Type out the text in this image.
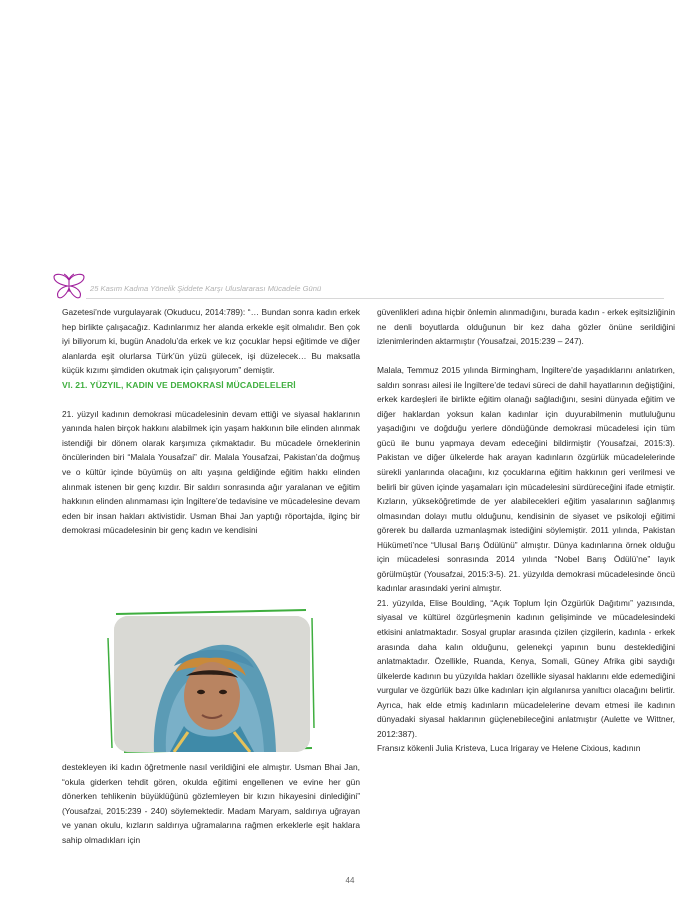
25 Kasım Kadına Yönelik Şiddete Karşı Uluslararası Mücadele Günü

Gazetesi’nde vurgulayarak (Okuducu, 2014:789): “… Bundan sonra kadın erkek hep birlikte çalışacağız. Kadınlarımız her alanda erkekle eşit olmalıdır. Ben çok iyi biliyorum ki, bugün Anadolu’da erkek ve kız çocuklar hepsi eğitimde ve diğer alanlarda eşit olurlarsa Türk’ün yüzü gülecek, işi düzelecek… Bu maksatla küçük kızımı şimdiden okutmak için çalışıyorum” demiştir.

VI. 21. YÜZYIL, KADIN VE DEMOKRASİ MÜCADELELERİ

21. yüzyıl kadının demokrasi mücadelesinin devam ettiği ve siyasal haklarının yanında halen birçok hakkını alabilmek için yaşam hakkının bile elinden alınmak istendiği bir dönem olarak karşımıza çıkmaktadır. Bu mücadele örneklerinin öncülerinden biri “Malala Yousafzai” dir. Malala Yousafzai, Pakistan’da doğmuş ve o kültür içinde büyümüş on altı yaşına geldiğinde eğitim hakkı elinden alınmak istenen bir genç kızdır. Bir saldırı sonrasında ağır yaralanan ve eğitim hakkının elinden alınmaması için İngiltere’de tedavisine ve mücadelesine devam eden bir insan hakları aktivistidir. Usman Bhai Jan yaptığı röportajda, ilginç bir demokrasi mücadelesinin bir genç kadın ve kendisini

destekleyen iki kadın öğretmenle nasıl verildiğini ele almıştır. Usman Bhai Jan, “okula giderken tehdit gören, okulda eğitimi engellenen ve evine her gün dönerken tehlikenin büyüklüğünü gözlemleyen bir kızın hikayesini dinlediğini” (Yousafzai, 2015:239 - 240) söylemektedir. Madam Maryam, saldırıya uğrayan ve yanan okulu, kızların saldırıya uğramalarına rağmen erkeklerle eşit haklara sahip olmadıkları için

güvenlikleri adına hiçbir önlemin alınmadığını, burada kadın - erkek eşitsizliğinin ne denli boyutlarda olduğunun bir kez daha gözler önüne serildiğini izlenimlerinden aktarmıştır (Yousafzai, 2015:239 – 247).

Malala, Temmuz 2015 yılında Birmingham, İngiltere’de yaşadıklarını anlatırken, saldırı sonrası ailesi ile İngiltere’de tedavi süreci de dahil hayatlarının değiştiğini, erkek kardeşleri ile birlikte eğitim olanağı sağladığını, sesini dünyada eğitim ve diğer haklardan yoksun kalan kadınlar için duyurabilmenin mutluluğunu yaşadığını ve doğduğu yerlere döndüğünde demokrasi mücadelesi için tüm gücü ile bunu yapmaya devam edeceğini bildirmiştir (Yousafzai, 2015:3). Pakistan ve diğer ülkelerde hak arayan kadınların özgürlük mücadelelerinde sürekli yanlarında olacağını, kız çocuklarına eğitim hakkının geri verilmesi ve belirli bir güven içinde yaşamaları için mücadelesini sürdüreceğini ifade etmiştir. Kızların, yükseköğretimde de yer alabilecekleri eğitim yasalarının sağlanmış olmasından dolayı mutlu olduğunu, kendisinin de siyaset ve psikoloji eğitimi görerek bu dallarda uzmanlaşmak istediğini söylemiştir. 2011 yılında, Pakistan Hükümeti’nce “Ulusal Barış Ödülünü” almıştır. Dünya kadınlarına örnek olduğu için mücadelesi sonrasında 2014 yılında “Nobel Barış Ödülü’ne” layık görülmüştür (Yousafzai, 2015:3-5). 21. yüzyılda demokrasi mücadelesinde öncü kadınlar arasındaki yerini almıştır.

21. yüzyılda, Elise Boulding, “Açık Toplum İçin Özgürlük Dağıtımı” yazısında, siyasal ve kültürel özgürleşmenin kadının gelişiminde ve mücadelesindeki etkisini anlatmaktadır. Sosyal gruplar arasında çizilen çizgilerin, kadınla - erkek arasında daha kalın olduğunu, gelenekçi yapının bunu desteklediğini anlatmaktadır. Özellikle, Ruanda, Kenya, Somali, Güney Afrika gibi saydığı ülkelerde kadının bu yüzyılda hakları özellikle siyasal haklarını elde edemediğini vurgular ve özgürlük bazı ülke kadınları için algılanırsa yanıltıcı olacağını belirtir. Ayrıca, hak elde etmiş kadınların mücadelelerine devam etmesi ile kadının dünyadaki siyasal haklarının güçlenebileceğini anlatmıştır (Aulette ve Wittner, 2012:387).

Fransız kökenli Julia Kristeva, Luca Irigaray ve Helene Cixious, kadının

44
